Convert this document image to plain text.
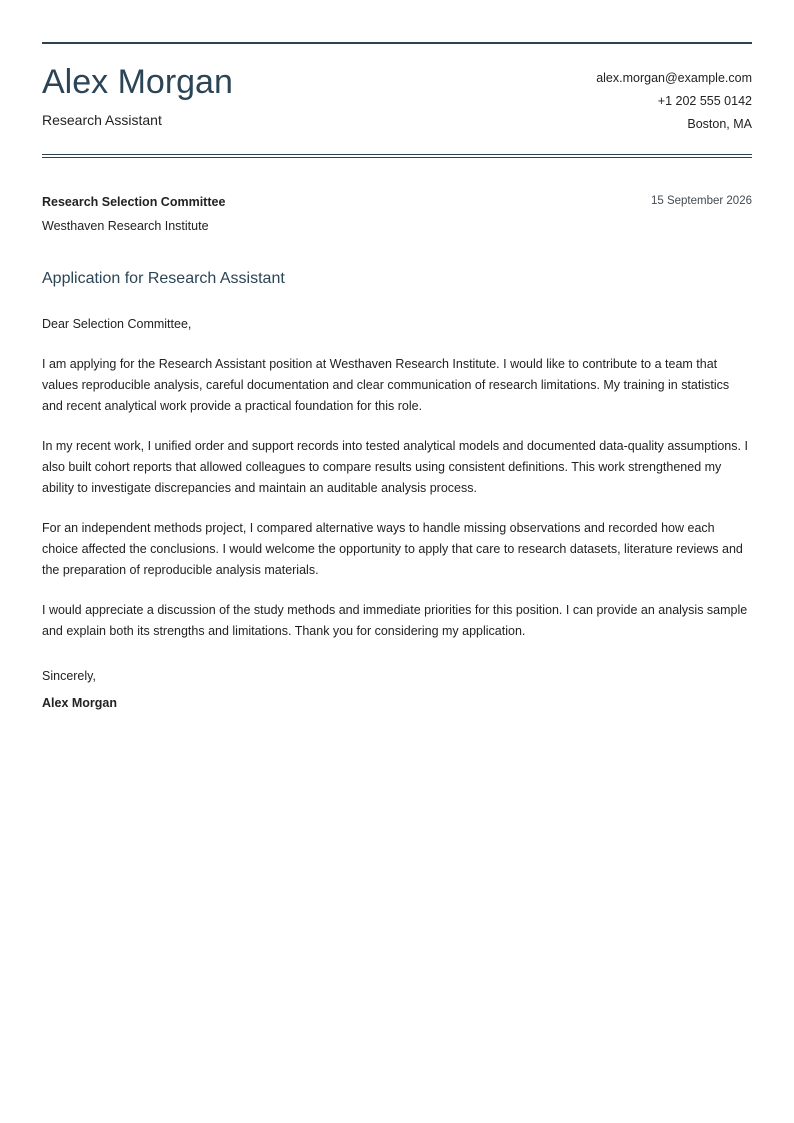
Alex Morgan
Research Assistant
alex.morgan@example.com
+1 202 555 0142
Boston, MA
Research Selection Committee
Westhaven Research Institute
15 September 2026
Application for Research Assistant
Dear Selection Committee,

I am applying for the Research Assistant position at Westhaven Research Institute. I would like to contribute to a team that values reproducible analysis, careful documentation and clear communication of research limitations. My training in statistics and recent analytical work provide a practical foundation for this role.

In my recent work, I unified order and support records into tested analytical models and documented data-quality assumptions. I also built cohort reports that allowed colleagues to compare results using consistent definitions. This work strengthened my ability to investigate discrepancies and maintain an auditable analysis process.

For an independent methods project, I compared alternative ways to handle missing observations and recorded how each choice affected the conclusions. I would welcome the opportunity to apply that care to research datasets, literature reviews and the preparation of reproducible analysis materials.

I would appreciate a discussion of the study methods and immediate priorities for this position. I can provide an analysis sample and explain both its strengths and limitations. Thank you for considering my application.

Sincerely,
Alex Morgan
